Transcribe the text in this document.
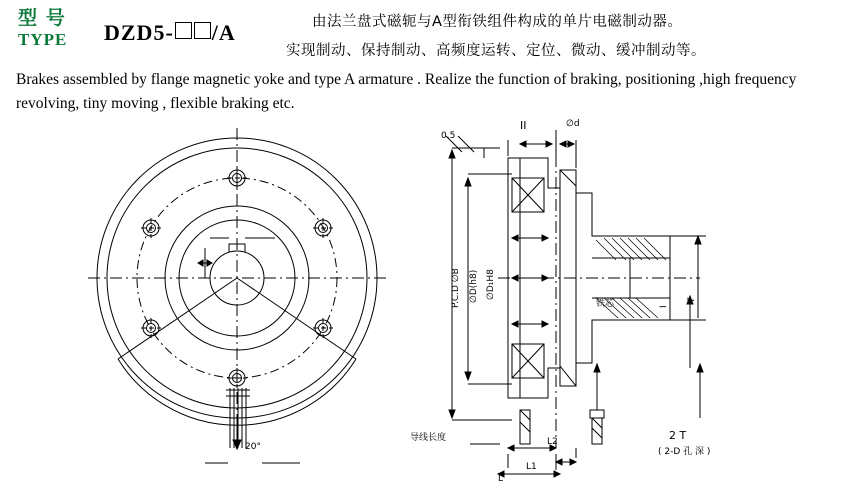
型 号
TYPE	DZD5- /A	由法兰盘式磁轭与A型衔铁组件构成的单片电磁制动器。
实现制动、保持制动、高频度运转、定位、微动、缓冲制动等。
Brakes assembled by flange magnetic yoke and type A armature . Realize the function of braking, positioning ,high frequency revolving, tiny moving , flexible braking etc.
20°
P.C.D ∅B ∅D(h8) ∅D₁H8
II	∅d
0.5
I
T
2 T
( 2-D 孔 深 )
导线长度
铁芯
L2
L1
L
